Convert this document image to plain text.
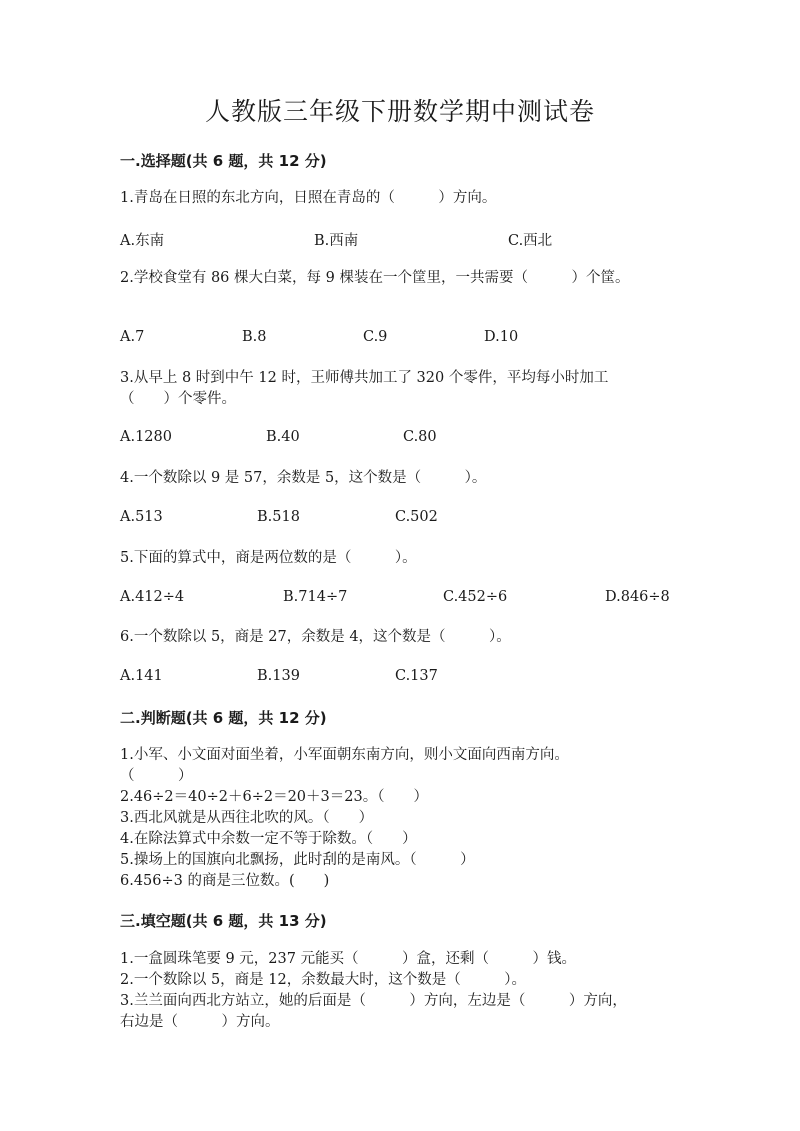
人教版三年级下册数学期中测试卷
一.选择题(共 6 题，共 12 分)
1.青岛在日照的东北方向，日照在青岛的（　　　）方向。
A.东南	B.西南	C.西北
2.学校食堂有 86 棵大白菜，每 9 棵装在一个筐里，一共需要（　　　）个筐。
A.7	B.8	C.9	D.10
3.从早上 8 时到中午 12 时，王师傅共加工了 320 个零件，平均每小时加工
（　　）个零件。
A.1280	B.40	C.80
4.一个数除以 9 是 57，余数是 5，这个数是（　　　）。
A.513	B.518	C.502
5.下面的算式中，商是两位数的是（　　　）。
A.412÷4	B.714÷7	C.452÷6	D.846÷8
6.一个数除以 5，商是 27，余数是 4，这个数是（　　　）。
A.141	B.139	C.137
二.判断题(共 6 题，共 12 分)
1.小军、小文面对面坐着，小军面朝东南方向，则小文面向西南方向。
（　　　）
2.46÷2＝40÷2＋6÷2＝20＋3＝23。（　　）
3.西北风就是从西往北吹的风。（　　）
4.在除法算式中余数一定不等于除数。（　　）
5.操场上的国旗向北飘扬，此时刮的是南风。（　　　）
6.456÷3 的商是三位数。(　　)
三.填空题(共 6 题，共 13 分)
1.一盒圆珠笔要 9 元，237 元能买（　　　）盒，还剩（　　　）钱。
2.一个数除以 5，商是 12，余数最大时，这个数是（　　　）。
3.兰兰面向西北方站立，她的后面是（　　　）方向，左边是（　　　）方向，
右边是（　　　）方向。
